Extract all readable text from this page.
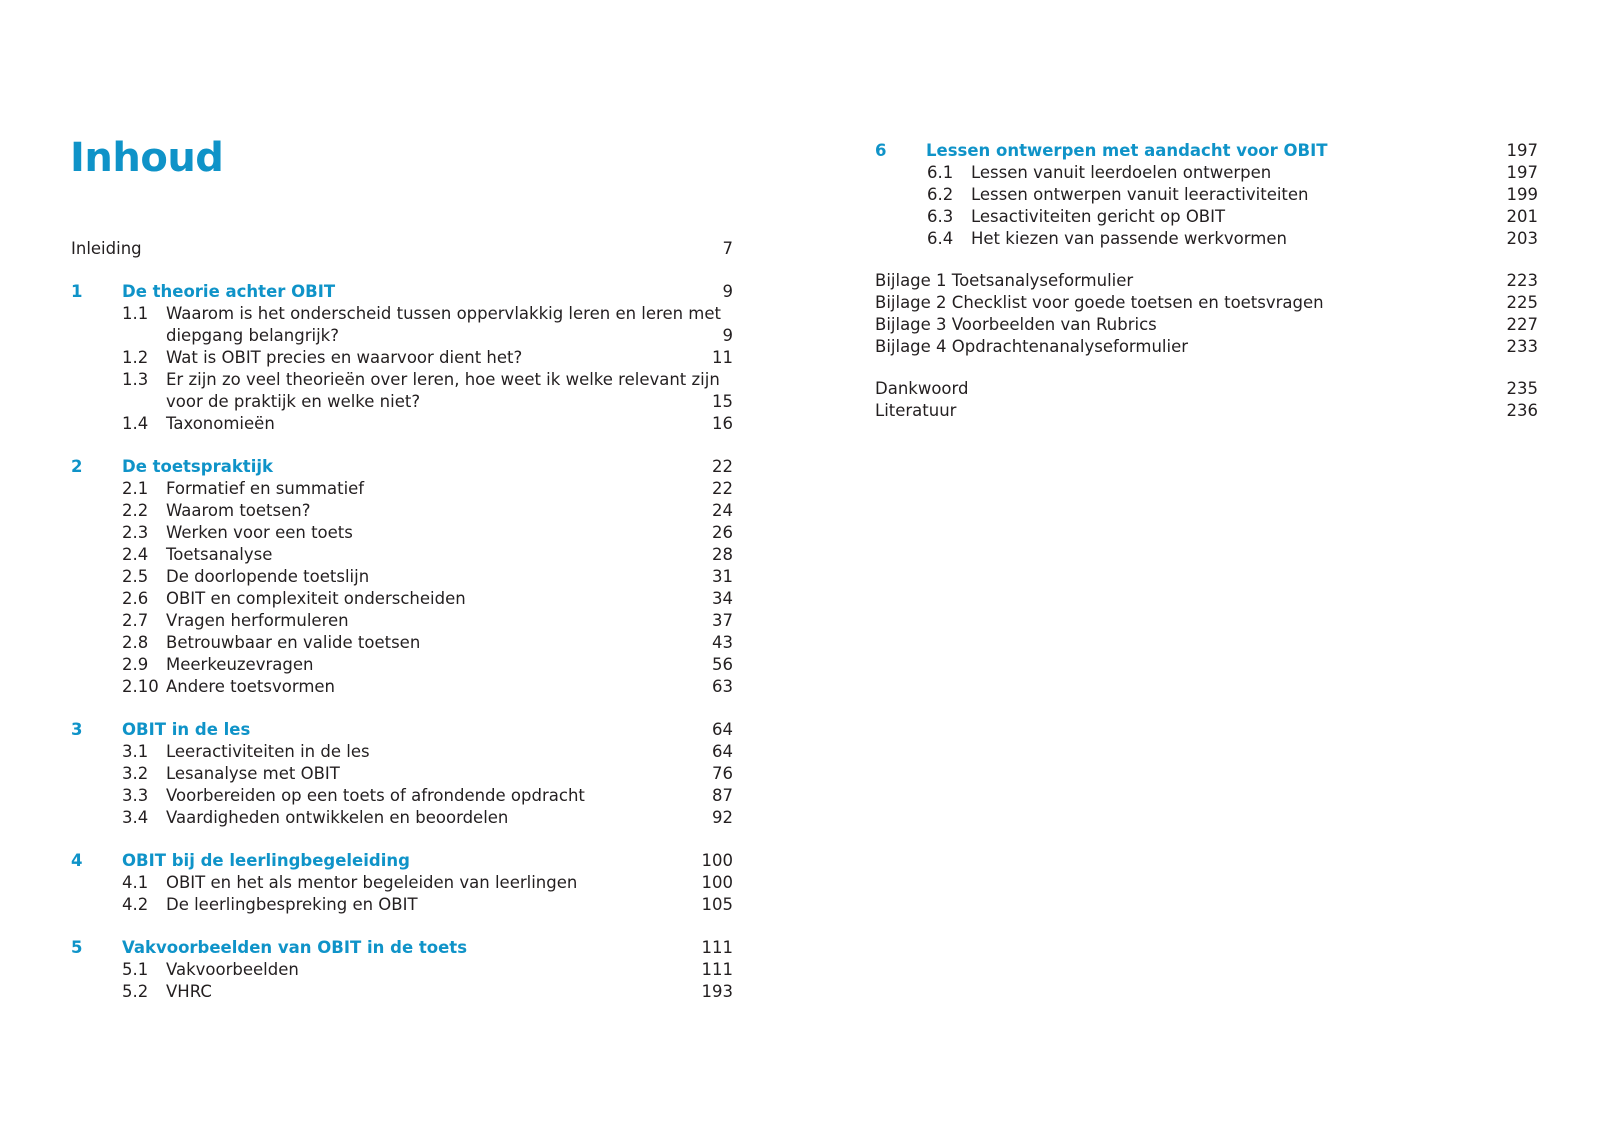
Inhoud
Inleiding	7
1 De theorie achter OBIT	9
1.1 Waarom is het onderscheid tussen oppervlakkig leren en leren met
diepgang belangrijk?	9
1.2 Wat is OBIT precies en waarvoor dient het?	11
1.3 Er zijn zo veel theorieën over leren, hoe weet ik welke relevant zijn
voor de praktijk en welke niet?	15
1.4 Taxonomieën	16
2 De toetspraktijk	22
2.1 Formatief en summatief	22
2.2 Waarom toetsen?	24
2.3 Werken voor een toets	26
2.4 Toetsanalyse	28
2.5 De doorlopende toetslijn	31
2.6 OBIT en complexiteit onderscheiden	34
2.7 Vragen herformuleren	37
2.8 Betrouwbaar en valide toetsen	43
2.9 Meerkeuzevragen	56
2.10 Andere toetsvormen	63
3 OBIT in de les	64
3.1 Leeractiviteiten in de les	64
3.2 Lesanalyse met OBIT	76
3.3 Voorbereiden op een toets of afrondende opdracht	87
3.4 Vaardigheden ontwikkelen en beoordelen	92
4 OBIT bij de leerlingbegeleiding	100
4.1 OBIT en het als mentor begeleiden van leerlingen	100
4.2 De leerlingbespreking en OBIT	105
5 Vakvoorbeelden van OBIT in de toets	111
5.1 Vakvoorbeelden	111
5.2 VHRC	193
6 Lessen ontwerpen met aandacht voor OBIT	197
6.1 Lessen vanuit leerdoelen ontwerpen	197
6.2 Lessen ontwerpen vanuit leeractiviteiten	199
6.3 Lesactiviteiten gericht op OBIT	201
6.4 Het kiezen van passende werkvormen	203
Bijlage 1 Toetsanalyseformulier	223
Bijlage 2 Checklist voor goede toetsen en toetsvragen	225
Bijlage 3 Voorbeelden van Rubrics	227
Bijlage 4 Opdrachtenanalyseformulier	233
Dankwoord	235
Literatuur	236
